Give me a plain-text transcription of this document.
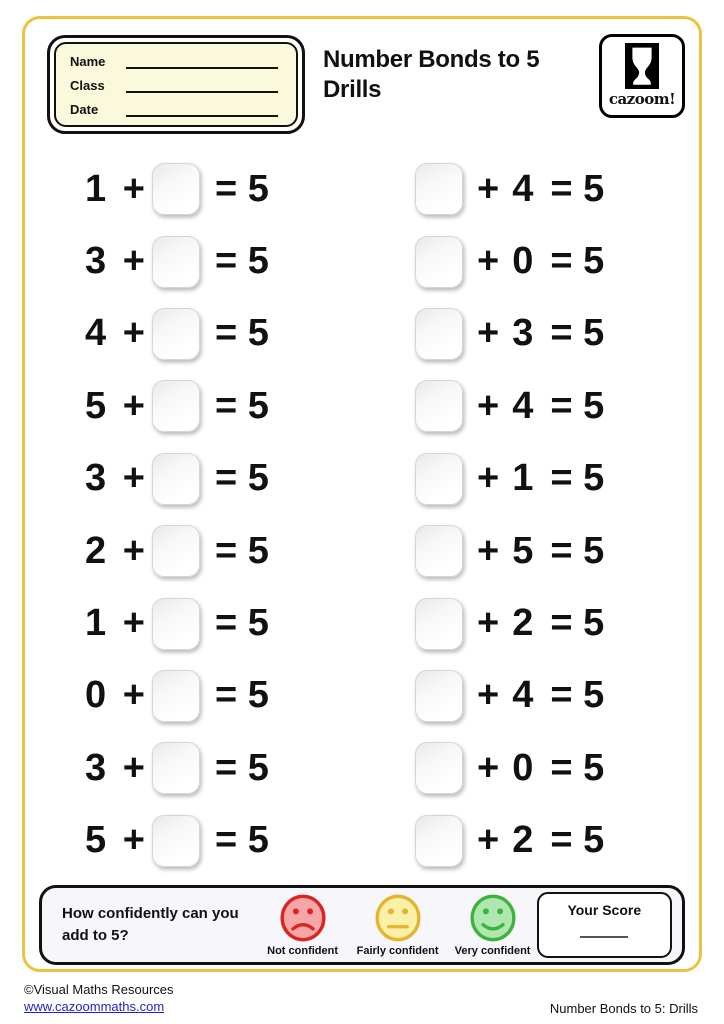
Name
Class
Date
Number Bonds to 5
Drills	cazoom!
1 + = 5
3 + = 5
4 + = 5
5 + = 5
3 + = 5
2 + = 5
1 + = 5
0 + = 5
3 + = 5
5 + = 5
+ 4 = 5
+ 0 = 5
+ 3 = 5
+ 4 = 5
+ 1 = 5
+ 5 = 5
+ 2 = 5
+ 4 = 5
+ 0 = 5
+ 2 = 5
How confidently can you
add to 5?
Not confident Fairly confident Very confident
Your Score
©Visual Maths Resources
www.cazoommaths.com	Number Bonds to 5: Drills
